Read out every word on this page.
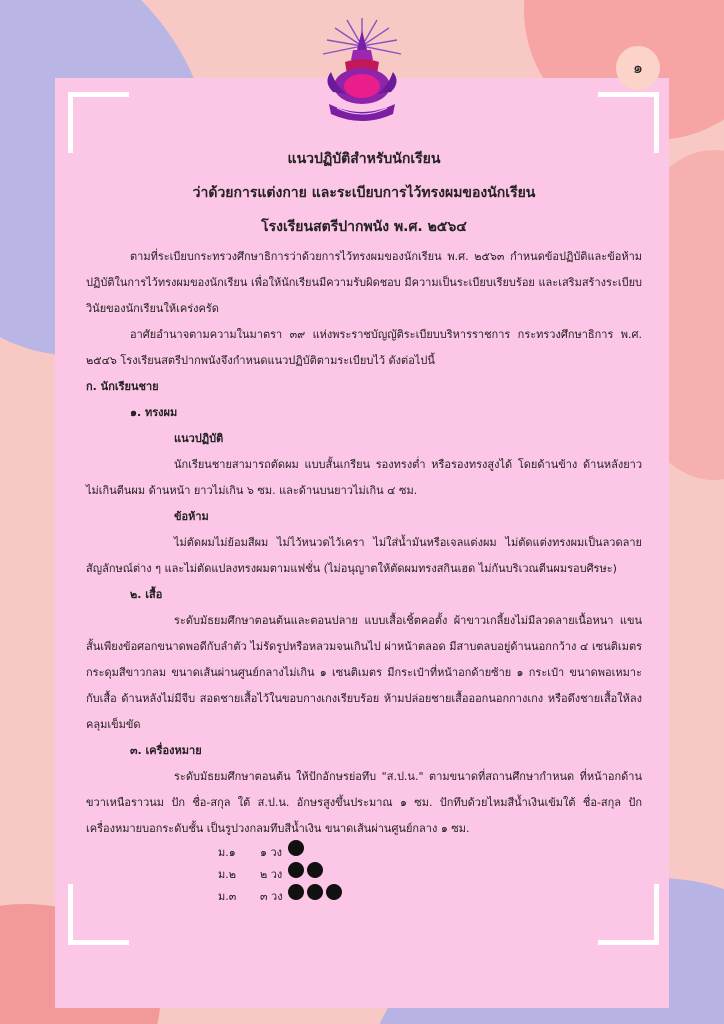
๑

แนวปฏิบัติสำหรับนักเรียน

ว่าด้วยการแต่งกาย และระเบียบการไว้ทรงผมของนักเรียน

โรงเรียนสตรีปากพนัง พ.ศ. ๒๕๖๔

ตามที่ระเบียบกระทรวงศึกษาธิการว่าด้วยการไว้ทรงผมของนักเรียน พ.ศ. ๒๕๖๓ กำหนดข้อปฏิบัติและข้อห้ามปฏิบัติในการไว้ทรงผมของนักเรียน เพื่อให้นักเรียนมีความรับผิดชอบ มีความเป็นระเบียบเรียบร้อย และเสริมสร้างระเบียบวินัยของนักเรียนให้เคร่งครัด

อาศัยอำนาจตามความในมาตรา ๓๙ แห่งพระราชบัญญัติระเบียบบริหารราชการ กระทรวงศึกษาธิการ พ.ศ. ๒๕๔๖ โรงเรียนสตรีปากพนังจึงกำหนดแนวปฏิบัติตามระเบียบไว้ ดังต่อไปนี้

ก. นักเรียนชาย

๑. ทรงผม

แนวปฏิบัติ

นักเรียนชายสามารถตัดผม แบบสั้นเกรียน รองทรงต่ำ หรือรองทรงสูงได้ โดยด้านข้าง ด้านหลังยาวไม่เกินตีนผม ด้านหน้า ยาวไม่เกิน ๖ ซม. และด้านบนยาวไม่เกิน ๔ ซม.

ข้อห้าม

ไม่ตัดผมไม่ย้อมสีผม ไม่ไว้หนวดไว้เครา ไม่ใส่น้ำมันหรือเจลแต่งผม ไม่ตัดแต่งทรงผมเป็นลวดลายสัญลักษณ์ต่าง ๆ และไม่ตัดแปลงทรงผมตามแฟชั่น (ไม่อนุญาตให้ตัดผมทรงสกินเฮด ไม่กันบริเวณตีนผมรอบศีรษะ)

๒. เสื้อ

ระดับมัธยมศึกษาตอนต้นและตอนปลาย แบบเสื้อเชิ้ตคอตั้ง ผ้าขาวเกลี้ยงไม่มีลวดลายเนื้อหนา แขนสั้นเพียงข้อศอกขนาดพอดีกับลำตัว ไม่รัดรูปหรือหลวมจนเกินไป ผ่าหน้าตลอด มีสาบตลบอยู่ด้านนอกกว้าง ๔ เซนติเมตร กระดุมสีขาวกลม ขนาดเส้นผ่านศูนย์กลางไม่เกิน ๑ เซนติเมตร มีกระเป๋าที่หน้าอกด้ายซ้าย ๑ กระเป๋า ขนาดพอเหมาะกับเสื้อ ด้านหลังไม่มีจีบ สอดชายเสื้อไว้ในขอบกางเกงเรียบร้อย ห้ามปล่อยชายเสื้อออกนอกกางเกง หรือดึงชายเสื้อให้ลงคลุมเข็มขัด

๓. เครื่องหมาย

ระดับมัธยมศึกษาตอนต้น ให้ปักอักษรย่อทึบ "ส.ป.น." ตามขนาดที่สถานศึกษากำหนด ที่หน้าอกด้านขวาเหนือราวนม ปัก ชื่อ-สกุล ใต้ ส.ป.น. อักษรสูงขึ้นประมาณ ๑ ซม. ปักทึบด้วยไหมสีน้ำเงินเข้มใต้ ชื่อ-สกุล ปักเครื่องหมายบอกระดับชั้น เป็นรูปวงกลมทึบสีน้ำเงิน ขนาดเส้นผ่านศูนย์กลาง ๑ ซม.

ม.๑	๑ วง
ม.๒	๒ วง
ม.๓	๓ วง
